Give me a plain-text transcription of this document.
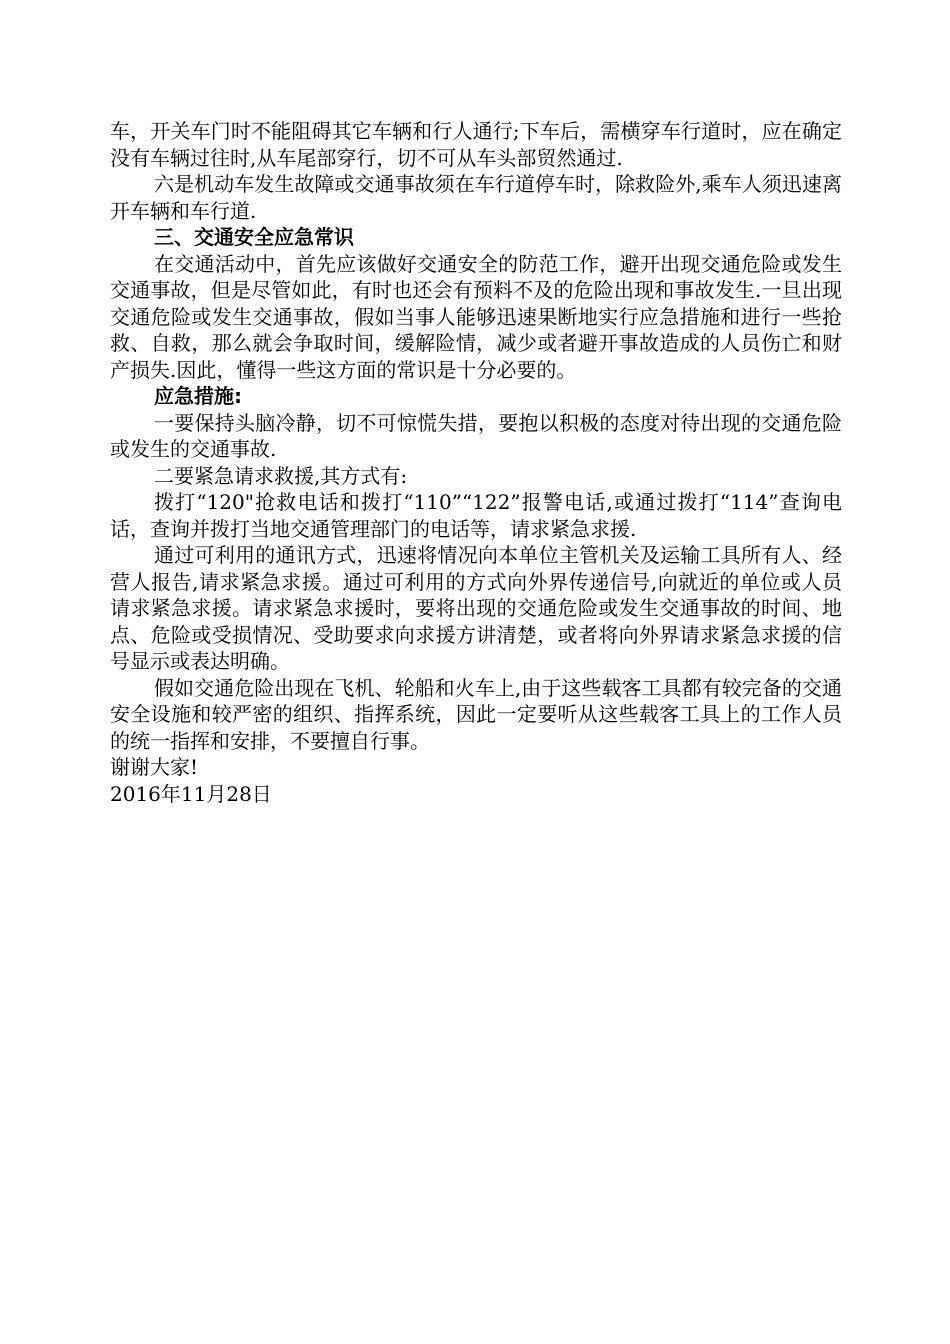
车，开关车门时不能阻碍其它车辆和行人通行;下车后，需横穿车行道时，应在确定没有车辆过往时,从车尾部穿行，切不可从车头部贸然通过.

六是机动车发生故障或交通事故须在车行道停车时，除救险外,乘车人须迅速离开车辆和车行道.

三、交通安全应急常识

在交通活动中，首先应该做好交通安全的防范工作，避开出现交通危险或发生交通事故，但是尽管如此，有时也还会有预料不及的危险出现和事故发生.一旦出现交通危险或发生交通事故，假如当事人能够迅速果断地实行应急措施和进行一些抢救、自救，那么就会争取时间，缓解险情，减少或者避开事故造成的人员伤亡和财产损失.因此，懂得一些这方面的常识是十分必要的。

应急措施:

一要保持头脑冷静，切不可惊慌失措，要抱以积极的态度对待出现的交通危险或发生的交通事故.

二要紧急请求救援,其方式有:

拨打“120"抢救电话和拨打“110”“122”报警电话,或通过拨打“114”查询电话，查询并拨打当地交通管理部门的电话等，请求紧急求援.

通过可利用的通讯方式，迅速将情况向本单位主管机关及运输工具所有人、经营人报告,请求紧急求援。通过可利用的方式向外界传递信号,向就近的单位或人员请求紧急求援。请求紧急求援时，要将出现的交通危险或发生交通事故的时间、地点、危险或受损情况、受助要求向求援方讲清楚，或者将向外界请求紧急求援的信号显示或表达明确。

假如交通危险出现在飞机、轮船和火车上,由于这些载客工具都有较完备的交通安全设施和较严密的组织、指挥系统，因此一定要听从这些载客工具上的工作人员的统一指挥和安排，不要擅自行事。

谢谢大家!

2016年11月28日
